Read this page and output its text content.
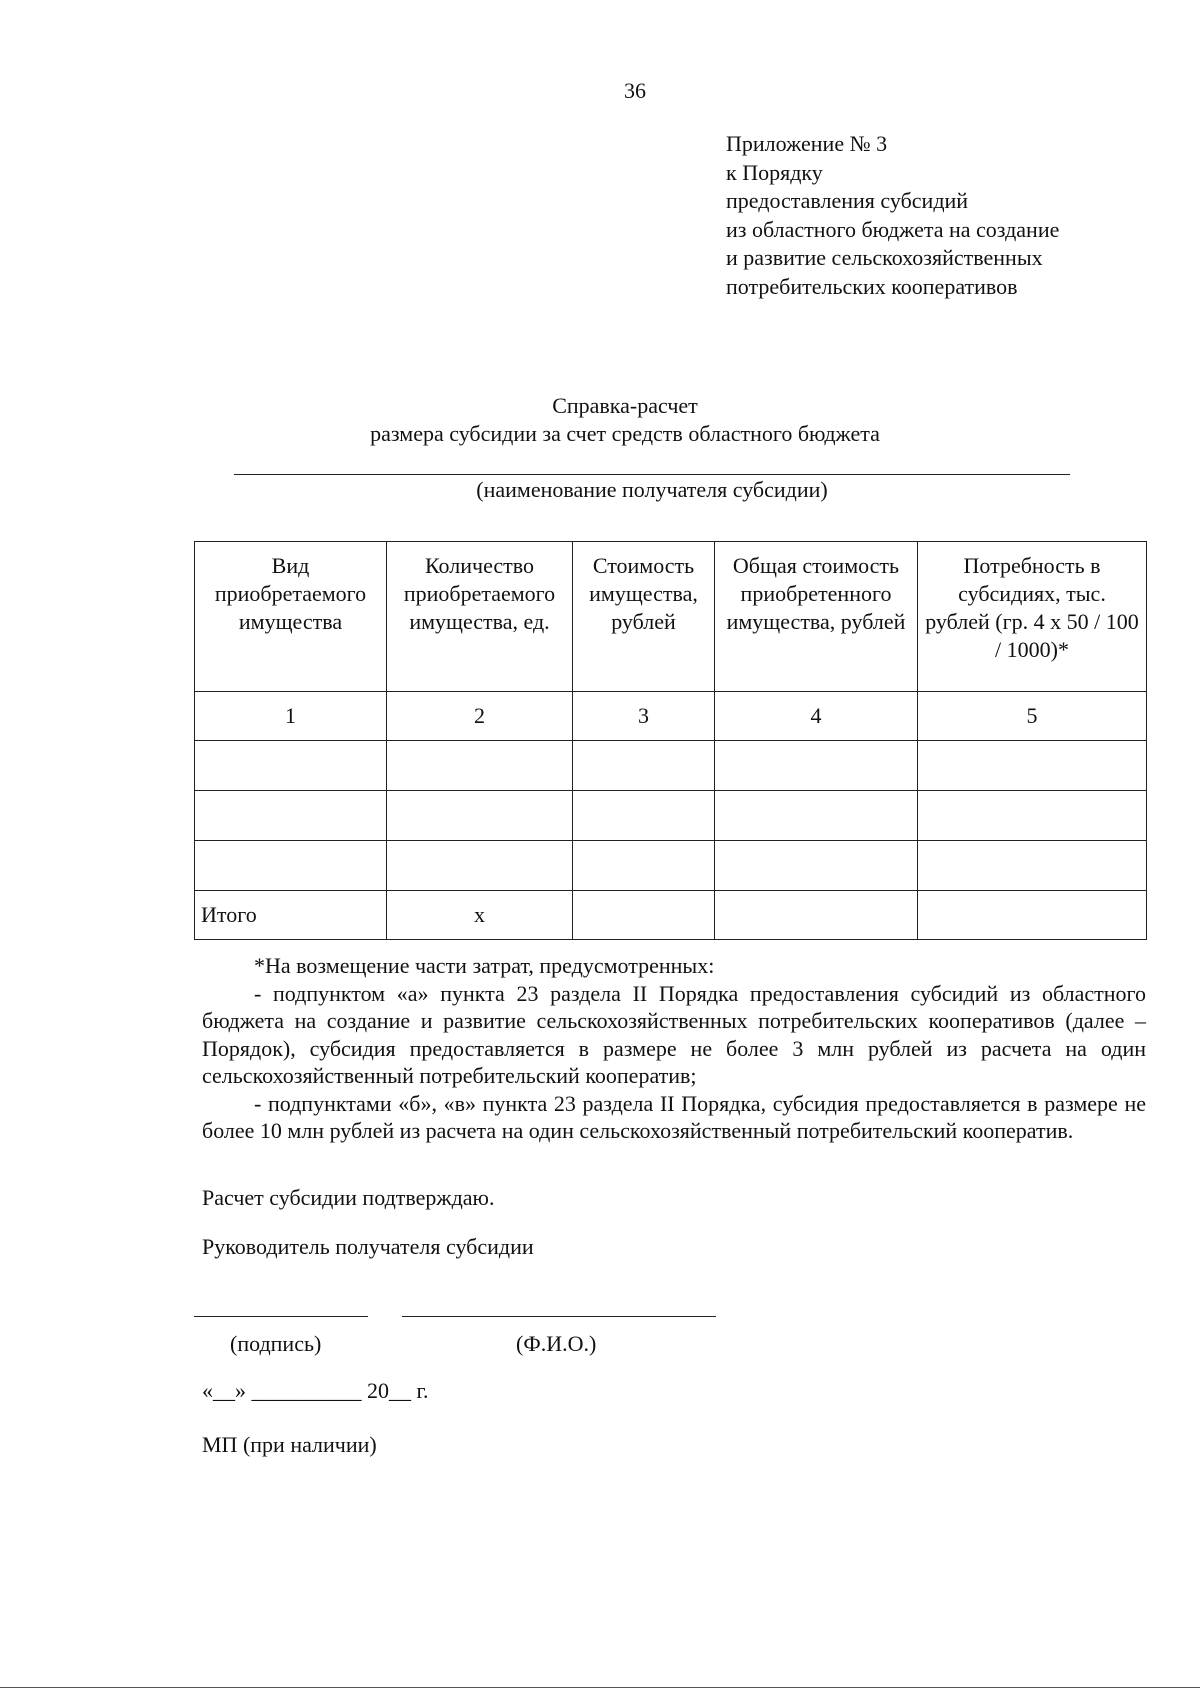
36
Приложение № 3
к Порядку
предоставления субсидий
из областного бюджета на создание
и развитие сельскохозяйственных
потребительских кооперативов
Справка-расчет
размера субсидии за счет средств областного бюджета
(наименование получателя субсидии)
Вид приобретаемого имущества	Количество приобретаемого имущества, ед.	Стоимость имущества, рублей	Общая стоимость приобретенного имущества, рублей	Потребность в субсидиях, тыс. рублей (гр. 4 х 50 / 100 / 1000)*
1	2	3	4	5

Итого	х			

*На возмещение части затрат, предусмотренных:

- подпунктом «а» пункта 23 раздела II Порядка предоставления субсидий из областного бюджета на создание и развитие сельскохозяйственных потребительских кооперативов (далее – Порядок), субсидия предоставляется в размере не более 3 млн рублей из расчета на один сельскохозяйственный потребительский кооператив;

- подпунктами «б», «в» пункта 23 раздела II Порядка, субсидия предоставляется в размере не более 10 млн рублей из расчета на один сельскохозяйственный потребительский кооператив.

Расчет субсидии подтверждаю.
Руководитель получателя субсидии
(подпись)	(Ф.И.О.)
«__» __________ 20__ г.
МП (при наличии)
